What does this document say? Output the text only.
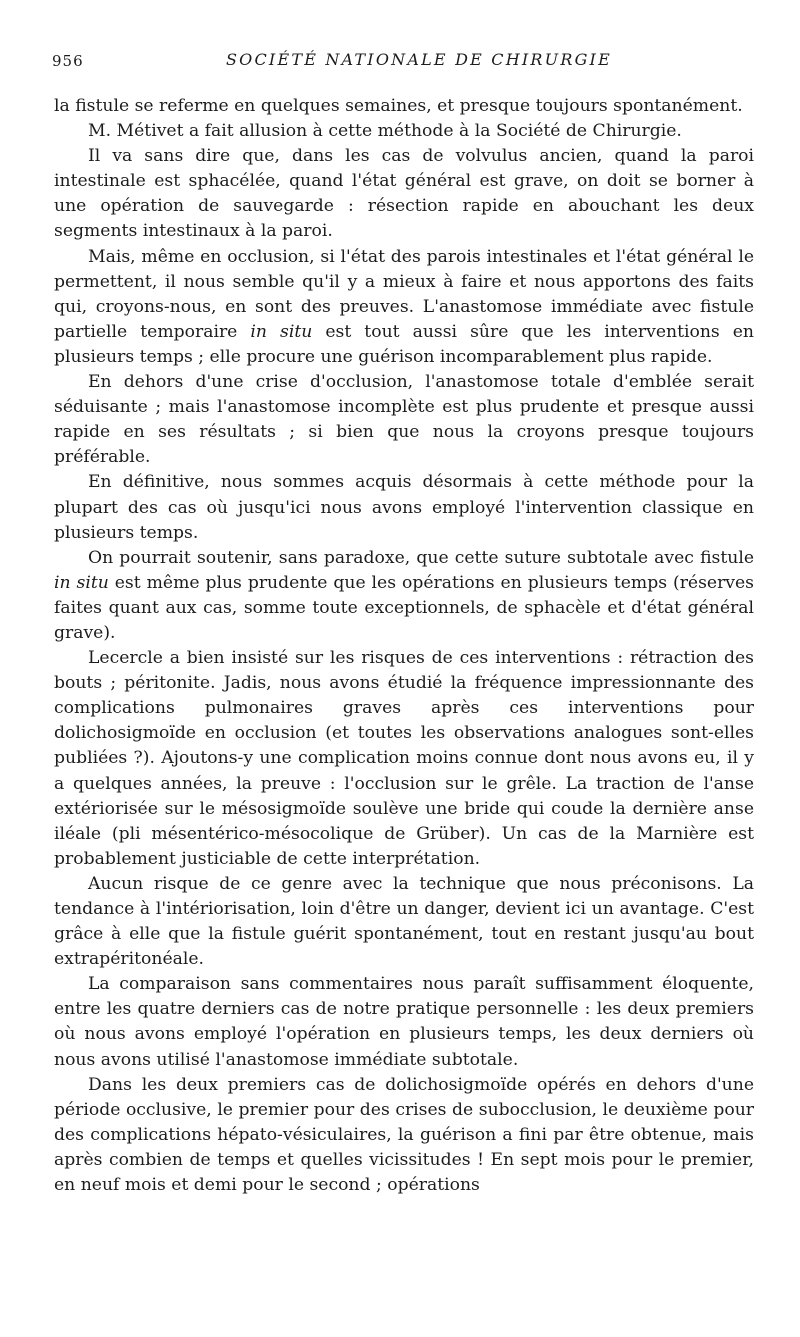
956	SOCIÉTÉ NATIONALE DE CHIRURGIE

la fistule se referme en quelques semaines, et presque toujours spontanément.

M. Métivet a fait allusion à cette méthode à la Société de Chirurgie.

Il va sans dire que, dans les cas de volvulus ancien, quand la paroi intestinale est sphacélée, quand l'état général est grave, on doit se borner à une opération de sauvegarde : résection rapide en abouchant les deux segments intestinaux à la paroi.

Mais, même en occlusion, si l'état des parois intestinales et l'état général le permettent, il nous semble qu'il y a mieux à faire et nous apportons des faits qui, croyons-nous, en sont des preuves. L'anastomose immédiate avec fistule partielle temporaire in situ est tout aussi sûre que les interventions en plusieurs temps ; elle procure une guérison incomparablement plus rapide.

En dehors d'une crise d'occlusion, l'anastomose totale d'emblée serait séduisante ; mais l'anastomose incomplète est plus prudente et presque aussi rapide en ses résultats ; si bien que nous la croyons presque toujours préférable.

En définitive, nous sommes acquis désormais à cette méthode pour la plupart des cas où jusqu'ici nous avons employé l'intervention classique en plusieurs temps.

On pourrait soutenir, sans paradoxe, que cette suture subtotale avec fistule in situ est même plus prudente que les opérations en plusieurs temps (réserves faites quant aux cas, somme toute exceptionnels, de sphacèle et d'état général grave).

Lecercle a bien insisté sur les risques de ces interventions : rétraction des bouts ; péritonite. Jadis, nous avons étudié la fréquence impressionnante des complications pulmonaires graves après ces interventions pour dolichosigmoïde en occlusion (et toutes les observations analogues sont-elles publiées ?). Ajoutons-y une complication moins connue dont nous avons eu, il y a quelques années, la preuve : l'occlusion sur le grêle. La traction de l'anse extériorisée sur le mésosigmoïde soulève une bride qui coude la dernière anse iléale (pli mésentérico-mésocolique de Grüber). Un cas de la Marnière est probablement justiciable de cette interprétation.

Aucun risque de ce genre avec la technique que nous préconisons. La tendance à l'intériorisation, loin d'être un danger, devient ici un avantage. C'est grâce à elle que la fistule guérit spontanément, tout en restant jusqu'au bout extrapéritonéale.

La comparaison sans commentaires nous paraît suffisamment éloquente, entre les quatre derniers cas de notre pratique personnelle : les deux premiers où nous avons employé l'opération en plusieurs temps, les deux derniers où nous avons utilisé l'anastomose immédiate subtotale.

Dans les deux premiers cas de dolichosigmoïde opérés en dehors d'une période occlusive, le premier pour des crises de subocclusion, le deuxième pour des complications hépato-vésiculaires, la guérison a fini par être obtenue, mais après combien de temps et quelles vicissitudes ! En sept mois pour le premier, en neuf mois et demi pour le second ; opérations
